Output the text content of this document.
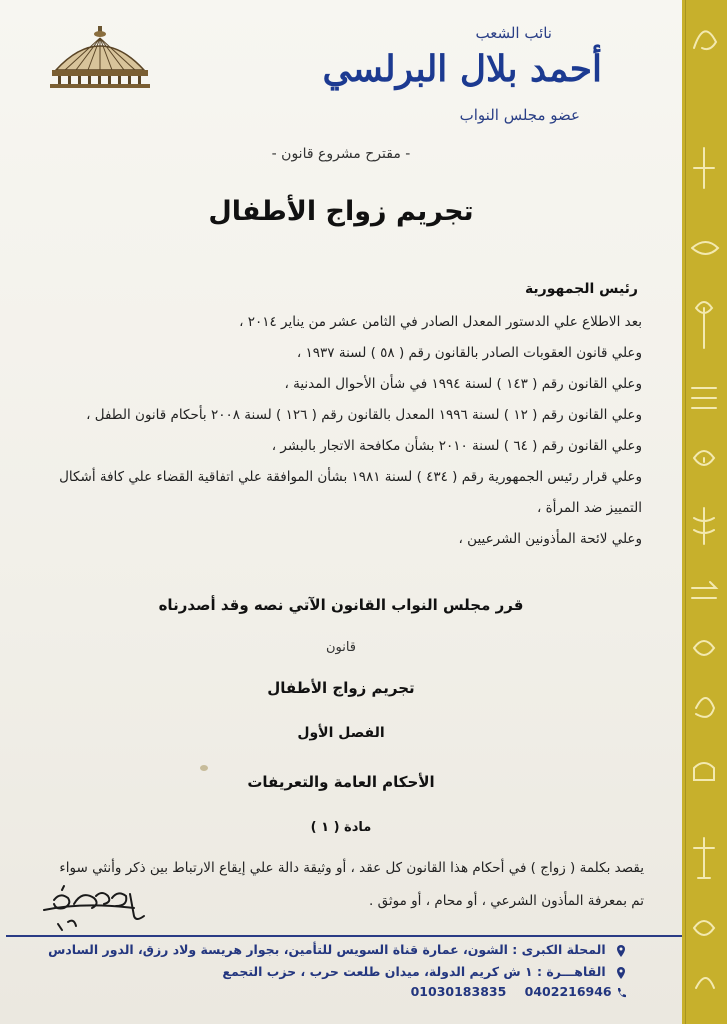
نائب الشعب
أحمد بلال البرلسي
عضو مجلس النواب
- مقترح مشروع قانون -
تجريم زواج الأطفال
رئيس الجمهورية
بعد الاطلاع علي الدستور المعدل الصادر في الثامن عشر من يناير ٢٠١٤ ،
وعلي قانون العقوبات الصادر بالقانون رقم ( ٥٨ ) لسنة ١٩٣٧ ،
وعلي القانون رقم ( ١٤٣ ) لسنة ١٩٩٤ في شأن الأحوال المدنية ،
وعلي القانون رقم ( ١٢ ) لسنة ١٩٩٦ المعدل بالقانون رقم ( ١٢٦ ) لسنة ٢٠٠٨ بأحكام قانون الطفل ،
وعلي القانون رقم ( ٦٤ ) لسنة ٢٠١٠ بشأن مكافحة الاتجار بالبشر ،
وعلي قرار رئيس الجمهورية رقم ( ٤٣٤ ) لسنة ١٩٨١ بشأن الموافقة علي اتفاقية القضاء علي كافة أشكال
التمييز ضد المرأة ،
وعلي لائحة المأذونين الشرعيين ،
قرر مجلس النواب القانون الآتي نصه وقد أصدرناه
قانون
تجريم زواج الأطفال
الفصل الأول
الأحكام العامة والتعريفات
مادة ( ١ )
يقصد بكلمة ( زواج ) في أحكام هذا القانون كل عقد ، أو وثيقة دالة علي إيقاع الارتباط بين ذكر وأنثي سواء
تم بمعرفة المأذون الشرعي ، أو محام ، أو موثق .
المحلة الكبرى : الشون، عمارة قناة السويس للتأمين، بجوار هريسة ولاد رزق، الدور السادس
القاهـــرة : ١ ش كريم الدولة، ميدان طلعت حرب ، حزب التجمع
01030183835 0402216946
